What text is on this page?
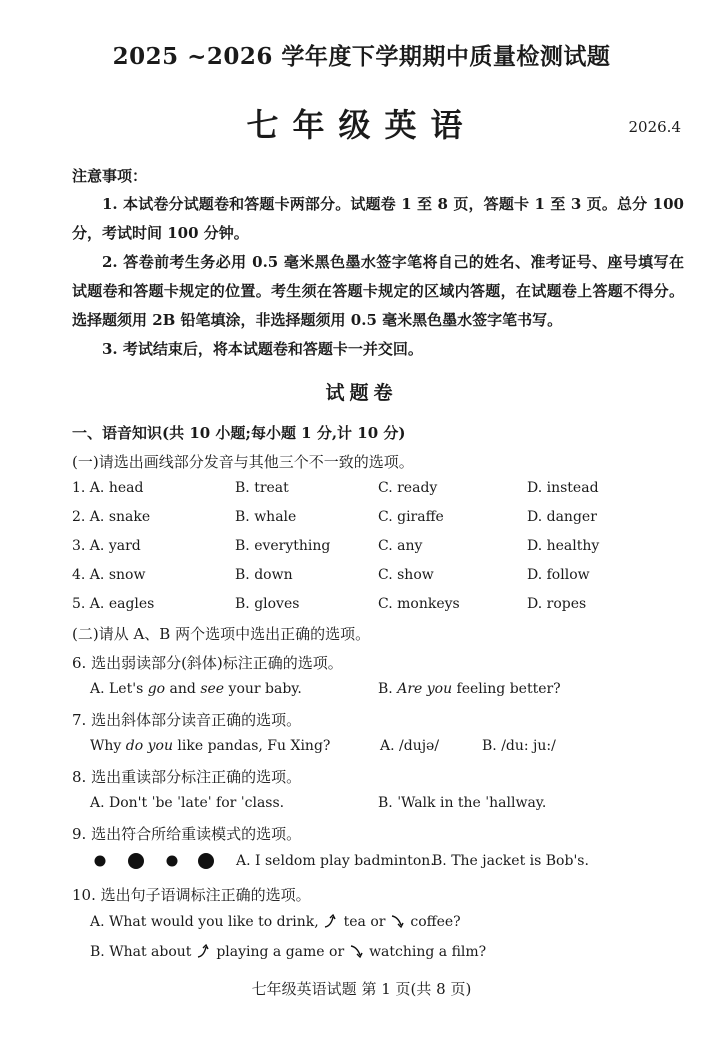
2025 ~2026 学年度下学期期中质量检测试题
七年级英语	2026.4
注意事项：
1. 本试卷分试题卷和答题卡两部分。试题卷 1 至 8 页，答题卡 1 至 3 页。总分 100 分，考试时间 100 分钟。
2. 答卷前考生务必用 0.5 毫米黑色墨水签字笔将自己的姓名、准考证号、座号填写在试题卷和答题卡规定的位置。考生须在答题卡规定的区域内答题，在试题卷上答题不得分。选择题须用 2B 铅笔填涂，非选择题须用 0.5 毫米黑色墨水签字笔书写。
3. 考试结束后，将本试题卷和答题卡一并交回。
试题卷
一、语音知识(共 10 小题;每小题 1 分,计 10 分)
(一)请选出画线部分发音与其他三个不一致的选项。
1. A. head	B. treat	C. ready	D. instead
2. A. snake	B. whale	C. giraffe	D. danger
3. A. yard	B. everything	C. any	D. healthy
4. A. snow	B. down	C. show	D. follow
5. A. eagles	B. gloves	C. monkeys	D. ropes
(二)请从 A、B 两个选项中选出正确的选项。
6. 选出弱读部分(斜体)标注正确的选项。
A. Let's go and see your baby.	B. Are you feeling better?
7. 选出斜体部分读音正确的选项。
Why do you like pandas, Fu Xing?	A. /dujə/	B. /du: ju:/
8. 选出重读部分标注正确的选项。
A. Don't ˈbe ˈlateˈ for ˈclass.	B. ˈWalk in the ˈhallway.
9. 选出符合所给重读模式的选项。
A. I seldom play badminton.
B. The jacket is Bob's.
10. 选出句子语调标注正确的选项。
A. What would you like to drink, tea or coffee?
B. What about playing a game or watching a film?
七年级英语试题 第 1 页(共 8 页)
